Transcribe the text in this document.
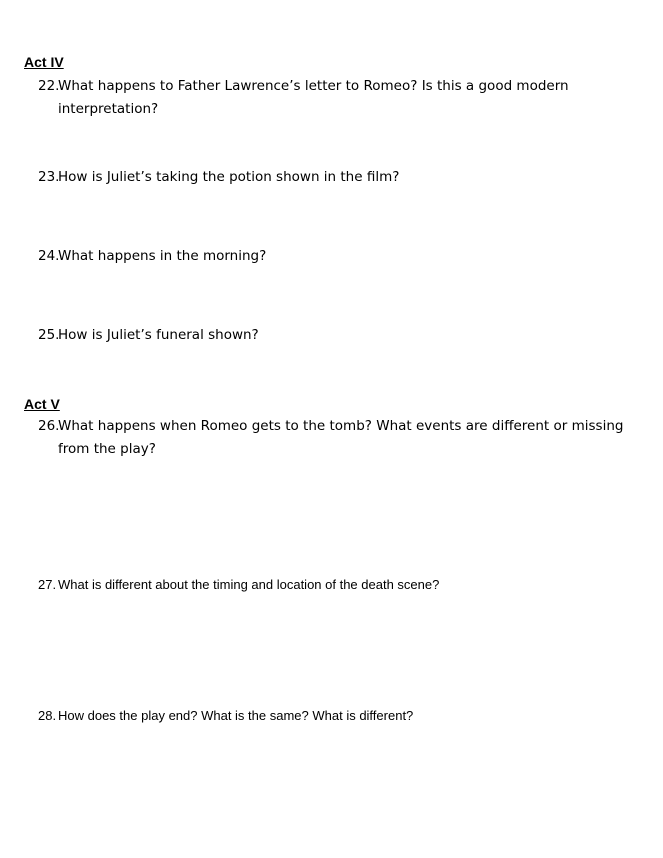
Act IV

22.What happens to Father Lawrence’s letter to Romeo? Is this a good modern
interpretation?

23.How is Juliet’s taking the potion shown in the film?

24.What happens in the morning?

25.How is Juliet’s funeral shown?

Act V

26.What happens when Romeo gets to the tomb? What events are different or missing
from the play?

27. What is different about the timing and location of the death scene?

28. How does the play end? What is the same? What is different?
